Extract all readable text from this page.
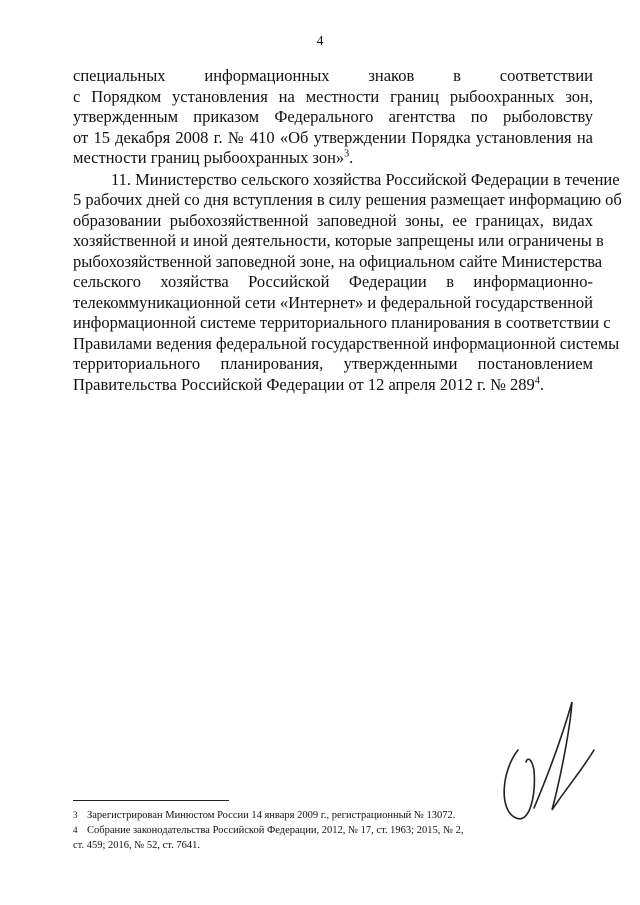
4
специальных информационных знаков в соответствии
с Порядком установления на местности границ рыбоохранных зон,
утвержденным приказом Федерального агентства по рыболовству
от 15 декабря 2008 г. № 410 «Об утверждении Порядка установления на
местности границ рыбоохранных зон»$^3$.
11. Министерство сельского хозяйства Российской Федерации в течение
5 рабочих дней со дня вступления в силу решения размещает информацию об
образовании рыбохозяйственной заповедной зоны, ее границах, видах
хозяйственной и иной деятельности, которые запрещены или ограничены в
рыбохозяйственной заповедной зоне, на официальном сайте Министерства
сельского хозяйства Российской Федерации в информационно-
телекоммуникационной сети «Интернет» и федеральной государственной
информационной системе территориального планирования в соответствии с
Правилами ведения федеральной государственной информационной системы
территориального планирования, утвержденными постановлением
Правительства Российской Федерации от 12 апреля 2012 г. № $289^4$.
3 Зарегистрирован Минюстом России 14 января 2009 г., регистрационный № 13072.
4 Собрание законодательства Российской Федерации, 2012, № 17, ст. 1963; 2015, № 2,
ст. 459; 2016, № 52, ст. 7641.
